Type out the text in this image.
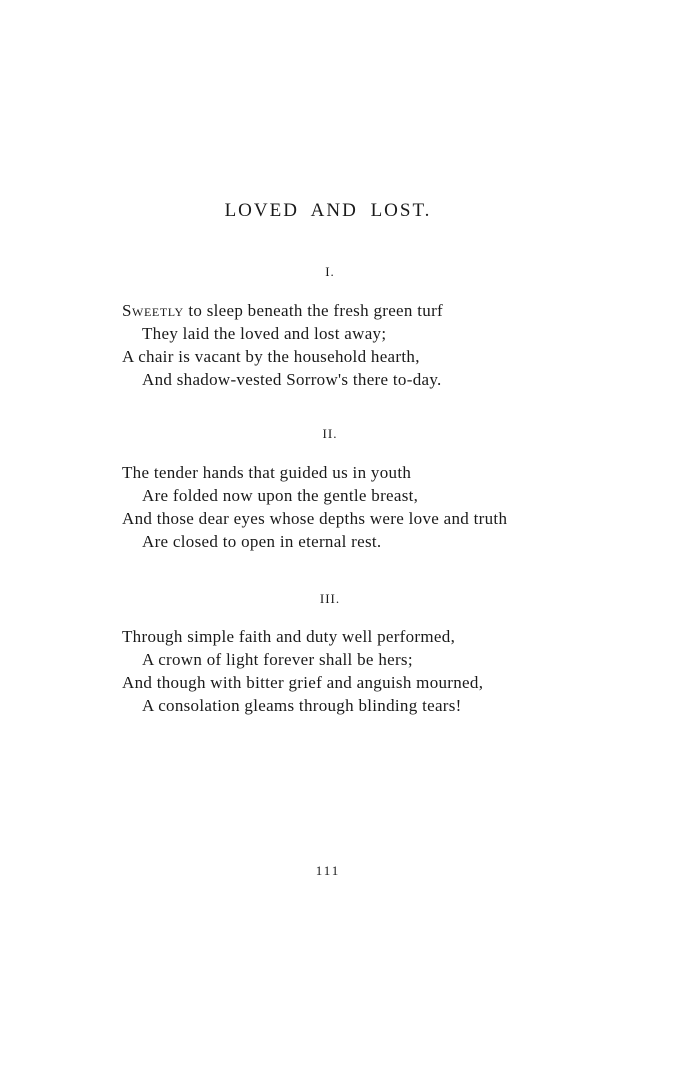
LOVED AND LOST.

I.

Sweetly to sleep beneath the fresh green turf
They laid the loved and lost away;
A chair is vacant by the household hearth,
And shadow-vested Sorrow's there to-day.

II.

The tender hands that guided us in youth
Are folded now upon the gentle breast,
And those dear eyes whose depths were love and truth
Are closed to open in eternal rest.

III.

Through simple faith and duty well performed,
A crown of light forever shall be hers;
And though with bitter grief and anguish mourned,
A consolation gleams through blinding tears!

111
